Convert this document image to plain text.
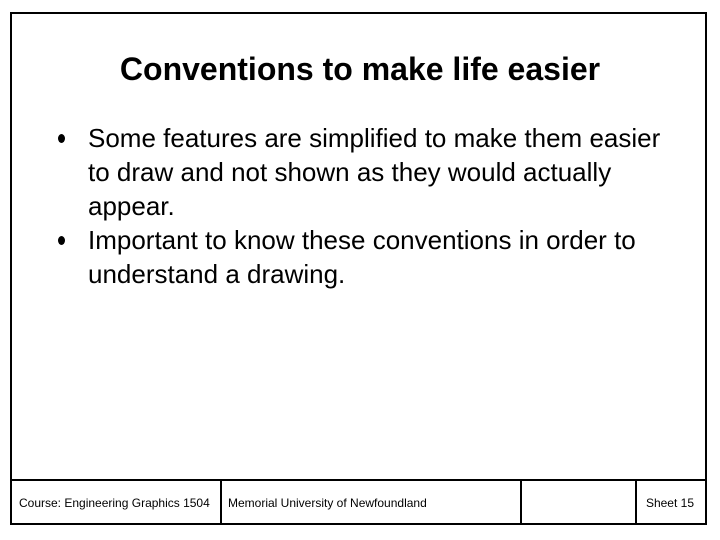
Conventions to make life easier
Some features are simplified to make them easier to draw and not shown as they would actually appear.
Important to know these conventions in order to understand a drawing.
Course: Engineering Graphics 1504 Memorial University of Newfoundland	Sheet 15
